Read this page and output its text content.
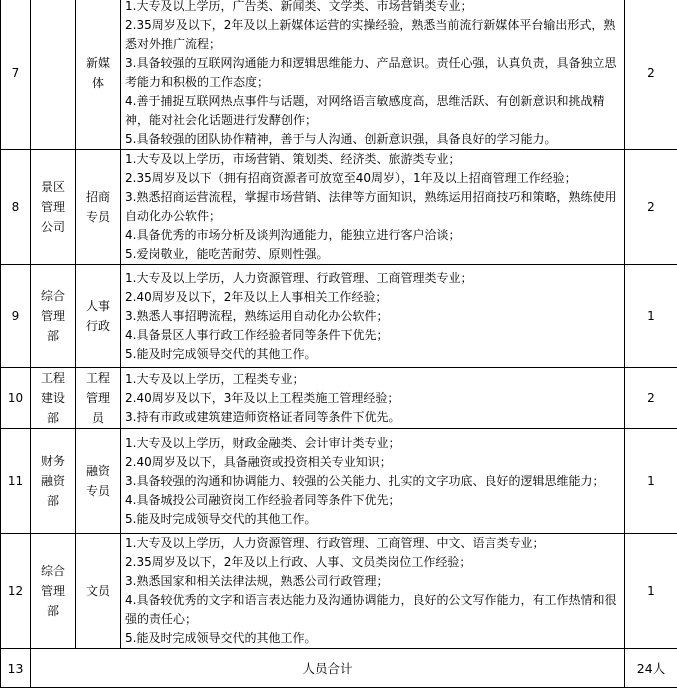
7		新媒体	1.大专及以上学历，广告类、新闻类、文学类、市场营销类专业；
2.35周岁及以下，2年及以上新媒体运营的实操经验，熟悉当前流行新媒体平台输出形式，熟悉对外推广流程；
3.具备较强的互联网沟通能力和逻辑思维能力、产品意识。责任心强，认真负责，具备独立思考能力和积极的工作态度；
4.善于捕捉互联网热点事件与话题，对网络语言敏感度高，思维活跃、有创新意识和挑战精神，能对社会化话题进行发酵创作；
5.具备较强的团队协作精神，善于与人沟通、创新意识强，具备良好的学习能力。	2
8	景区管理公司	招商专员	1.大专及以上学历，市场营销、策划类、经济类、旅游类专业；
2.35周岁及以下（拥有招商资源者可放宽至40周岁），1年及以上招商管理工作经验；
3.熟悉招商运营流程，掌握市场营销、法律等方面知识，熟练运用招商技巧和策略，熟练使用自动化办公软件；
4.具备优秀的市场分析及谈判沟通能力，能独立进行客户洽谈；
5.爱岗敬业，能吃苦耐劳、原则性强。	2
9	综合管理部	人事行政	1.大专及以上学历，人力资源管理、行政管理、工商管理类专业；
2.40周岁及以下，2年及以上人事相关工作经验；
3.熟悉人事招聘流程，熟练运用自动化办公软件；
4.具备景区人事行政工作经验者同等条件下优先；
5.能及时完成领导交代的其他工作。	1
10	工程建设部	工程管理员	1.大专及以上学历，工程类专业；
2.40周岁及以下，3年及以上工程类施工管理经验；
3.持有市政或建筑建造师资格证者同等条件下优先。	2
11	财务融资部	融资专员	1.大专及以上学历，财政金融类、会计审计类专业；
2.40周岁及以下，具备融资或投资相关专业知识；
3.具备较强的沟通和协调能力、较强的公关能力、扎实的文字功底、良好的逻辑思维能力；
4.具备城投公司融资岗工作经验者同等条件下优先；
5.能及时完成领导交代的其他工作。	1
12	综合管理部	文员	1.大专及以上学历，人力资源管理、行政管理、工商管理、中文、语言类专业；
2.35周岁及以下，2年及以上行政、人事、文员类岗位工作经验；
3.熟悉国家和相关法律法规，熟悉公司行政管理；
4.具备较优秀的文字和语言表达能力及沟通协调能力，良好的公文写作能力，有工作热情和很强的责任心；
5.能及时完成领导交代的其他工作。	1
13	人员合计			24人
